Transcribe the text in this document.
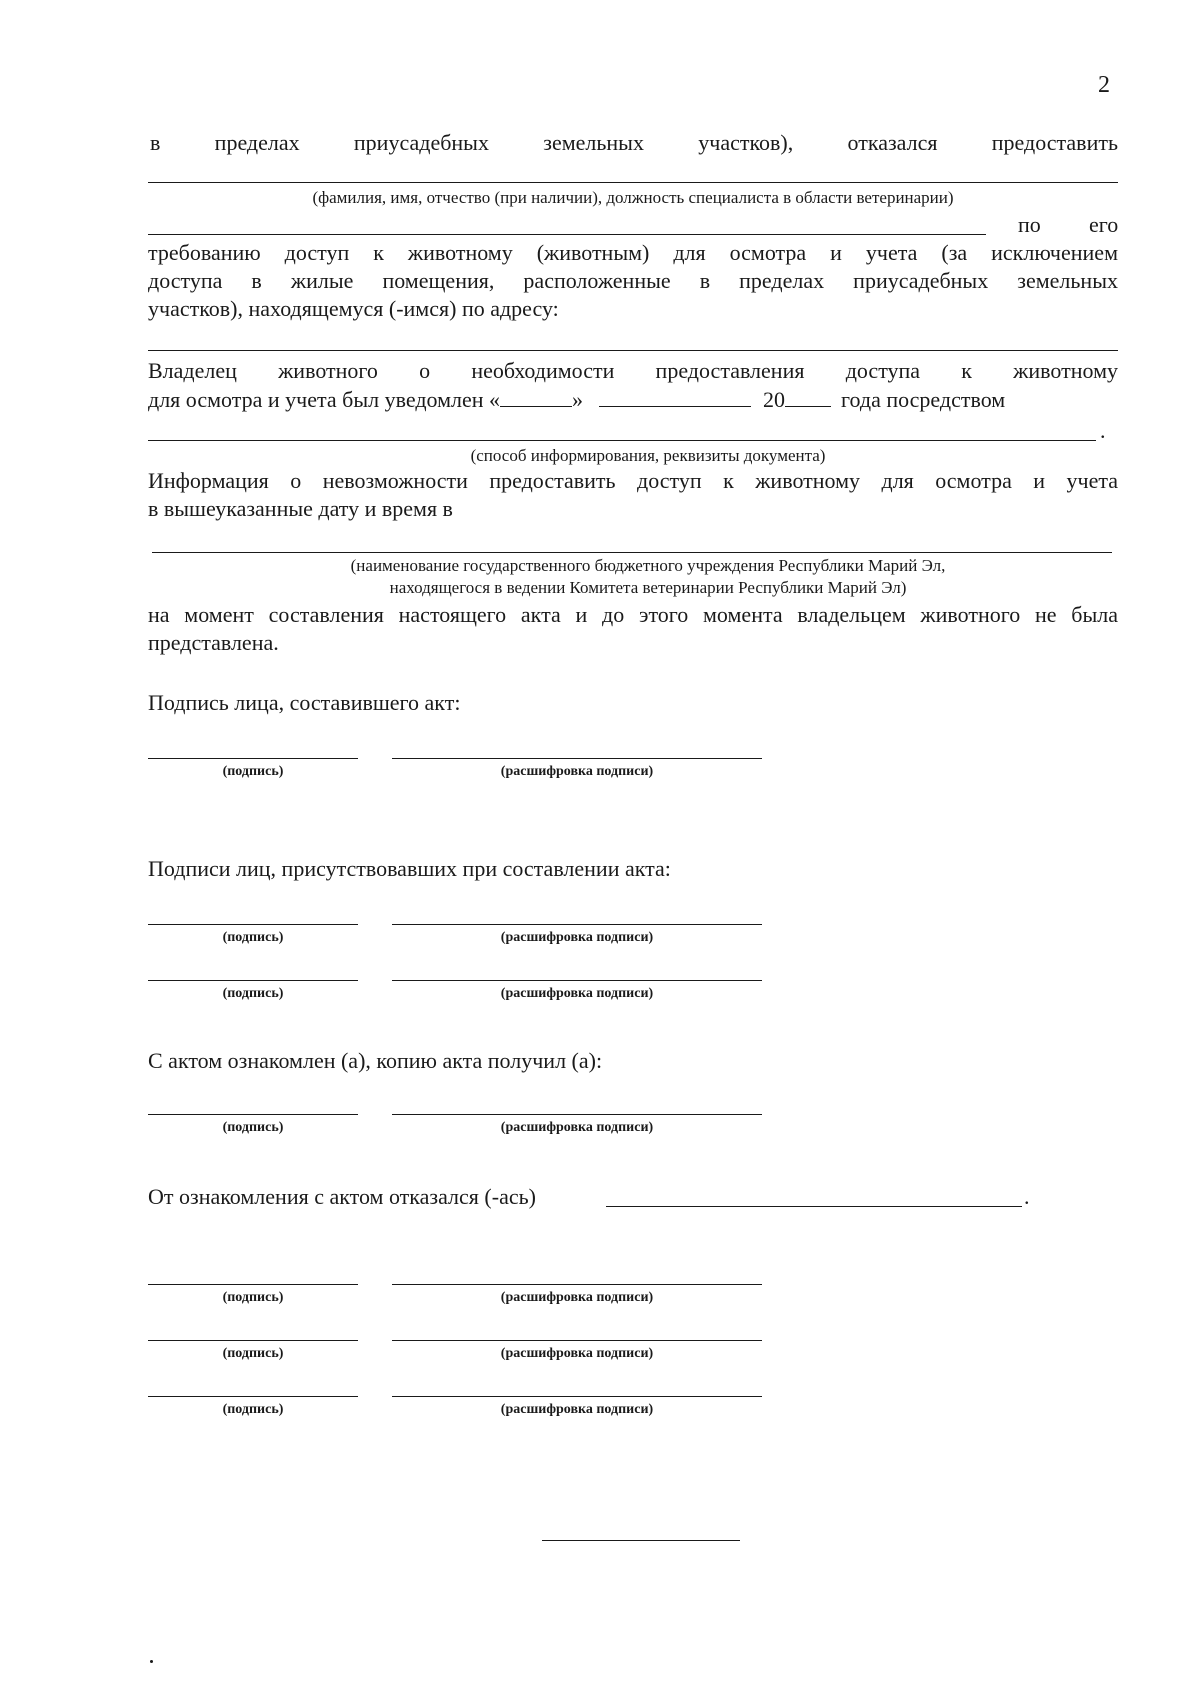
2
в пределах приусадебных земельных участков), отказался предоставить
(фамилия, имя, отчество (при наличии), должность специалиста в области ветеринарии)
по его
требованию доступ к животному (животным) для осмотра и учета (за исключением
доступа в жилые помещения, расположенные в пределах приусадебных земельных
участков), находящемуся (-имся) по адресу:
Владелец животного о необходимости предоставления доступа к животному
для осмотра и учета был уведомлен «	»	20	года посредством
.
(способ информирования, реквизиты документа)
Информация о невозможности предоставить доступ к животному для осмотра и учета
в вышеуказанные дату и время в
(наименование государственного бюджетного учреждения Республики Марий Эл,
находящегося в ведении Комитета ветеринарии Республики Марий Эл)
на момент составления настоящего акта и до этого момента владельцем животного не была
представлена.
Подпись лица, составившего акт:
(подпись)	(расшифровка подписи)
Подписи лиц, присутствовавших при составлении акта:
(подпись)	(расшифровка подписи)
(подпись)	(расшифровка подписи)
С актом ознакомлен (а), копию акта получил (а):
(подпись)	(расшифровка подписи)
От ознакомления с актом отказался (-ась)	.
(подпись)	(расшифровка подписи)
(подпись)	(расшифровка подписи)
(подпись)	(расшифровка подписи)
